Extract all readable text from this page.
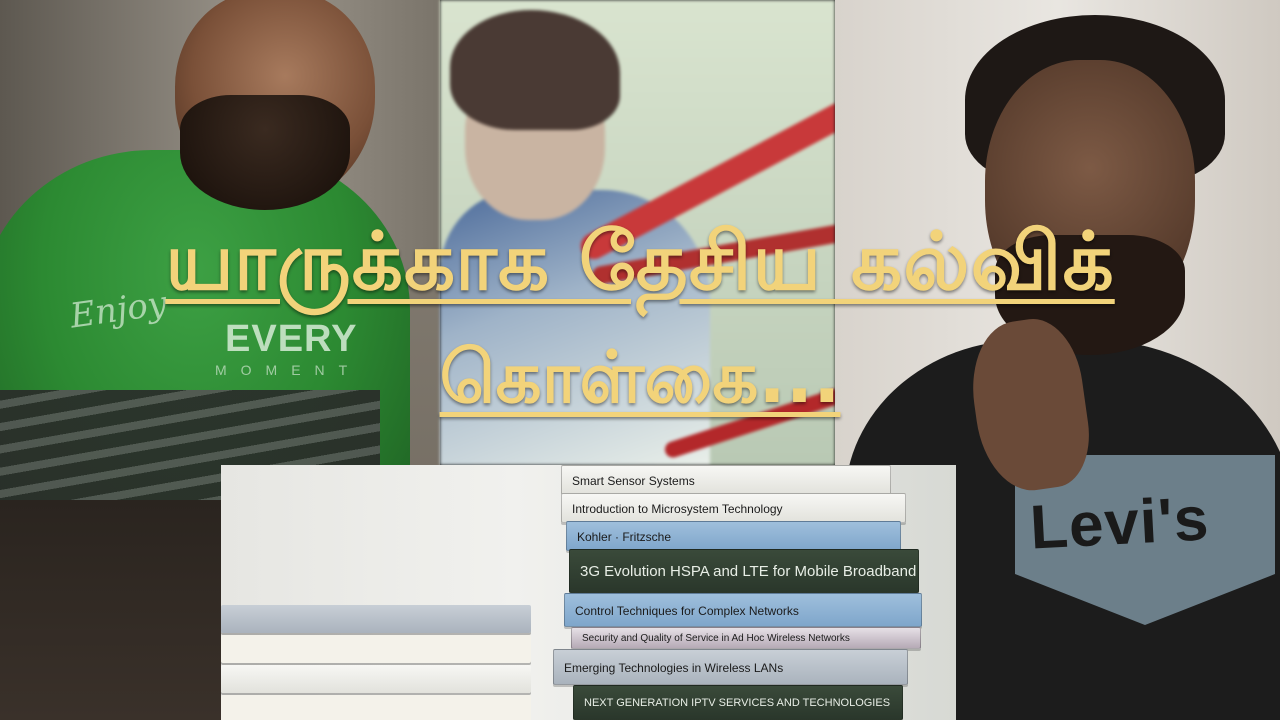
Enjoy
EVERY
MOMENT
Levi's
Smart Sensor Systems
Introduction to Microsystem Technology
Kohler · Fritzsche
3G Evolution HSPA and LTE for Mobile Broadband
Control Techniques for Complex Networks
Security and Quality of Service in Ad Hoc Wireless Networks
Emerging Technologies in Wireless LANs
NEXT GENERATION IPTV SERVICES AND TECHNOLOGIES
யாருக்காக தேசிய கல்விக்
கொள்கை...
